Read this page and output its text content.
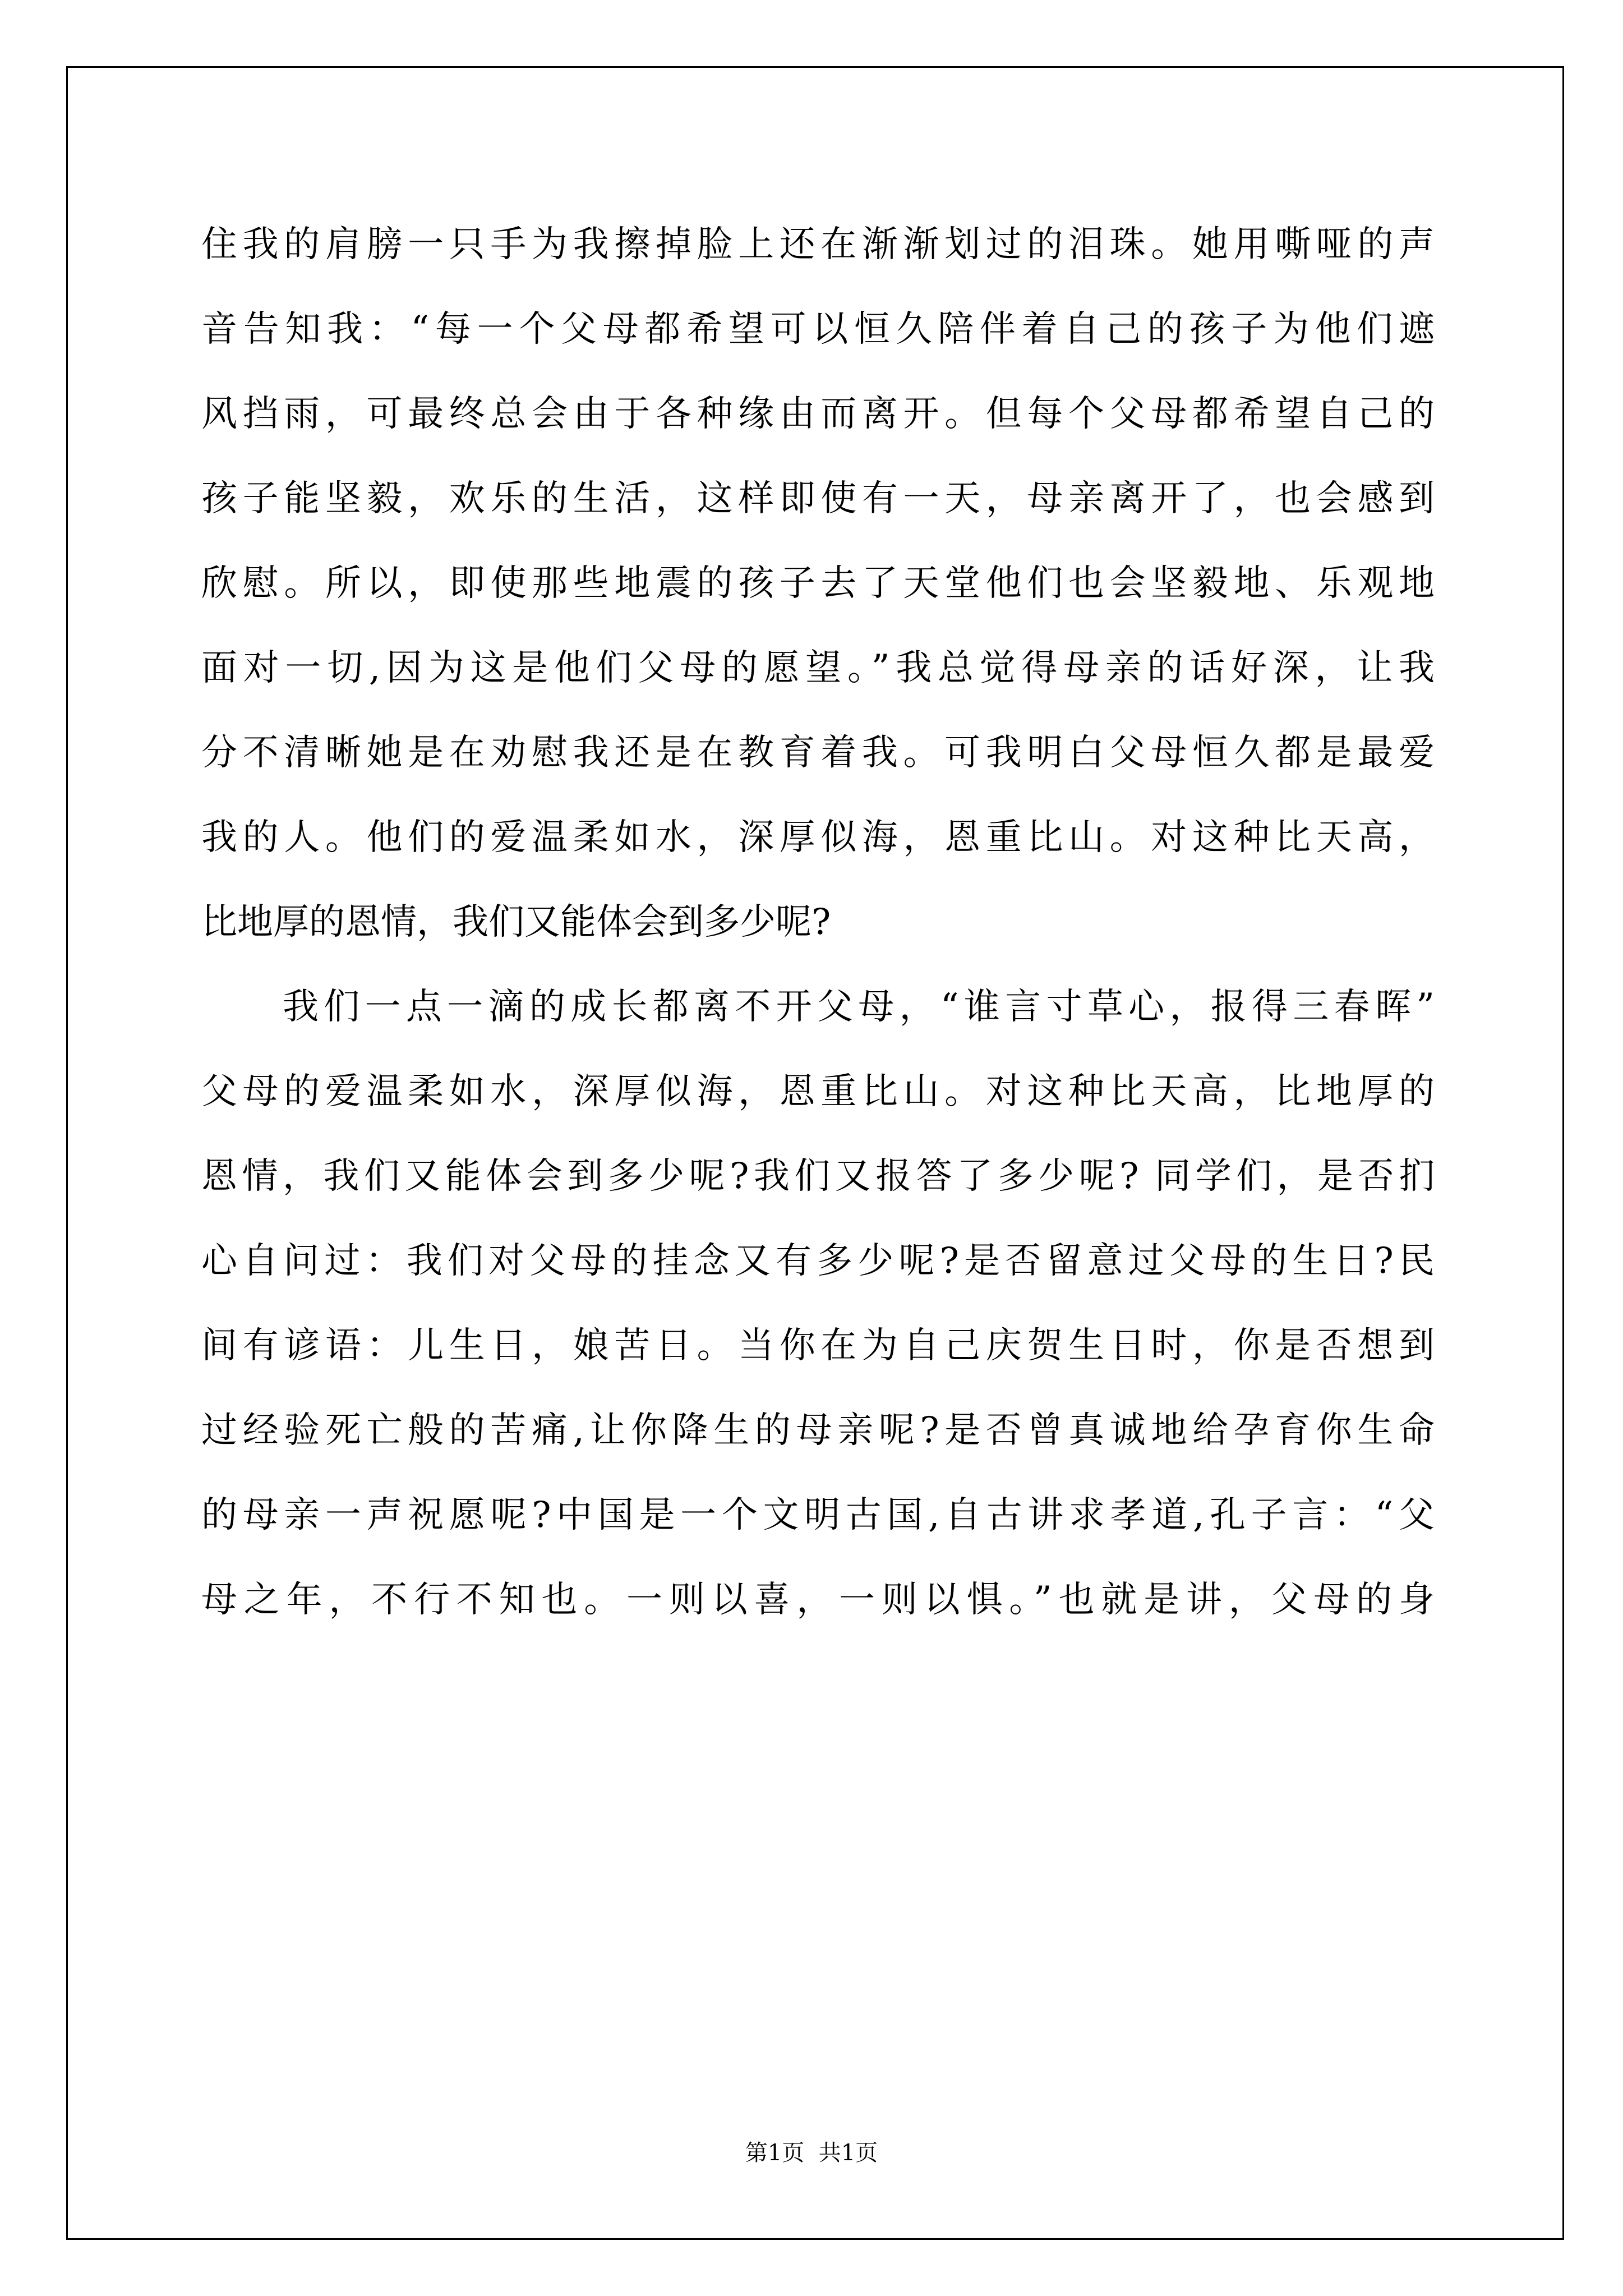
住我的肩膀一只手为我擦掉脸上还在渐渐划过的泪珠。她用嘶哑的声
音告知我：“每一个父母都希望可以恒久陪伴着自己的孩子为他们遮
风挡雨，可最终总会由于各种缘由而离开。但每个父母都希望自己的
孩子能坚毅，欢乐的生活，这样即使有一天，母亲离开了，也会感到
欣慰。所以，即使那些地震的孩子去了天堂他们也会坚毅地、乐观地
面对一切,因为这是他们父母的愿望。”我总觉得母亲的话好深，让我
分不清晰她是在劝慰我还是在教育着我。可我明白父母恒久都是最爱
我的人。他们的爱温柔如水，深厚似海，恩重比山。对这种比天高，
比地厚的恩情，我们又能体会到多少呢?
我们一点一滴的成长都离不开父母，“谁言寸草心，报得三春晖”
父母的爱温柔如水，深厚似海，恩重比山。对这种比天高，比地厚的
恩情，我们又能体会到多少呢?我们又报答了多少呢? 同学们，是否扪
心自问过：我们对父母的挂念又有多少呢?是否留意过父母的生日?民
间有谚语：儿生日，娘苦日。当你在为自己庆贺生日时，你是否想到
过经验死亡般的苦痛,让你降生的母亲呢?是否曾真诚地给孕育你生命
的母亲一声祝愿呢?中国是一个文明古国,自古讲求孝道,孔子言：“父
母之年，不行不知也。一则以喜，一则以惧。”也就是讲，父母的身
第1页  共1页
